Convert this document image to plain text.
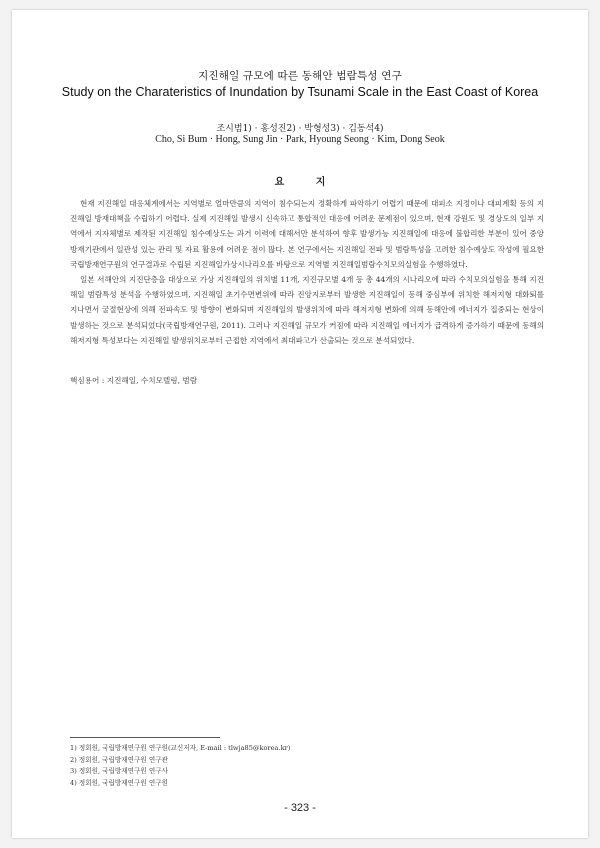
지진해일 규모에 따른 동해안 범람특성 연구
Study on the Charateristics of Inundation by Tsunami Scale in the East Coast of Korea
조시범1) · 홍성진2) · 박형성3) · 김동석4)
Cho, Si Bum · Hong, Sung Jin · Park, Hyoung Seong · Kim, Dong Seok
요 지

현재 지진해일 대응체계에서는 지역별로 얼마만큼의 지역이 침수되는지 정확하게 파악하기 어렵기 때문에 대피소 지정이나 대피계획 등의 지진해일 방재대책을 수립하기 어렵다. 실제 지진해일 발생시 신속하고 통합적인 대응에 어려운 문제점이 있으며, 현재 강원도 및 경상도의 일부 지역에서 지자체별로 제작된 지진해일 침수예상도는 과거 이력에 대해서만 분석하여 향후 발생가능 지진해일에 대응에 불합리한 부분이 있어 중앙방재기관에서 일관성 있는 관리 및 자료 활용에 어려운 점이 많다. 본 연구에서는 지진해일 전파 및 범람특성을 고려한 침수예상도 작성에 필요한 국립방재연구원의 연구결과로 수립된 지진해일가상시나리오를 바탕으로 지역별 지진해일범람수치모의실험을 수행하였다.

일본 서해안의 지진단층을 대상으로 가상 지진해일의 위치별 11개, 지진규모별 4개 등 총 44개의 시나리오에 따라 수치모의실험을 통해 지진해일 범람특성 분석을 수행하였으며, 지진해일 초기수면변위에 따라 진앙지로부터 발생한 지진해일이 동해 중심부에 위치한 해저지형 대화퇴를 지나면서 굴절현상에 의해 전파속도 및 방향이 변화되며 지진해일의 발생위치에 따라 해저지형 변화에 의해 동해안에 에너지가 집중되는 현상이 발생하는 것으로 분석되었다(국립방재연구원, 2011). 그러나 지진해일 규모가 커짐에 따라 지진해일 에너지가 급격하게 증가하기 때문에 동해의 해저지형 특성보다는 지진해일 발생위치로부터 근접한 지역에서 최대파고가 산출되는 것으로 분석되었다.

핵심용어 : 지진해일, 수치모델링, 범람
1) 정회원, 국립방재연구원 연구원(교신저자, E-mail : tlwja85@korea.kr)
2) 정회원, 국립방재연구원 연구관
3) 정회원, 국립방재연구원 연구사
4) 정회원, 국립방재연구원 연구원
- 323 -
